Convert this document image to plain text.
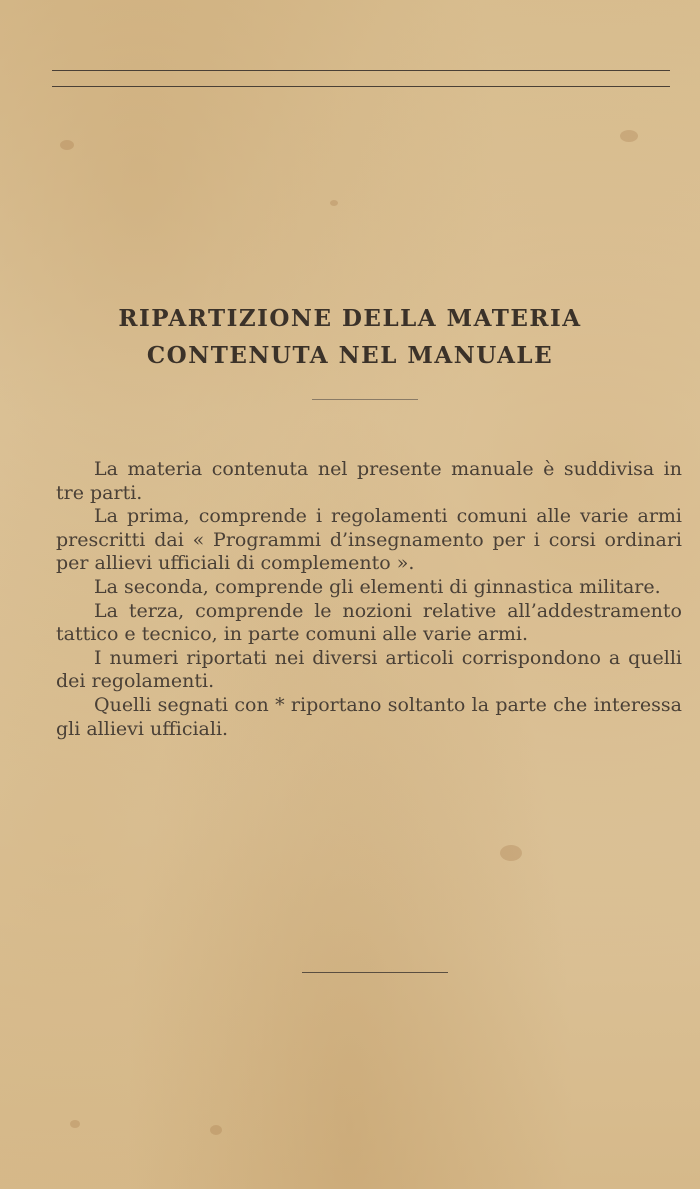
RIPARTIZIONE DELLA MATERIA
CONTENUTA NEL MANUALE

La materia contenuta nel presente manuale è suddivisa in tre parti.

La prima, comprende i regolamenti comuni alle varie armi prescritti dai « Programmi d’insegnamento per i corsi ordinari per allievi ufficiali di complemento ».

La seconda, comprende gli elementi di ginnastica militare.

La terza, comprende le nozioni relative all’addestramento tattico e tecnico, in parte comuni alle varie armi.

I numeri riportati nei diversi articoli corrispondono a quelli dei regolamenti.

Quelli segnati con * riportano soltanto la parte che interessa gli allievi ufficiali.
